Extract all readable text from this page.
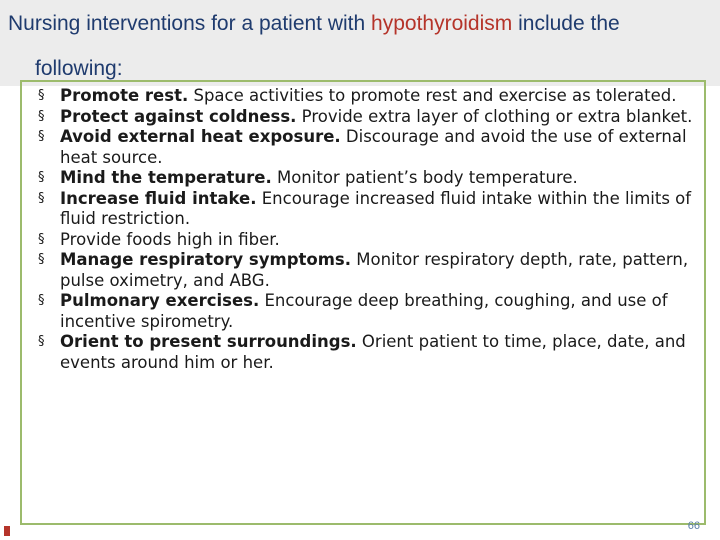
Nursing interventions for a patient with hypothyroidism include the
following:
§ Promote rest. Space activities to promote rest and exercise as tolerated.
§ Protect against coldness. Provide extra layer of clothing or extra blanket.
§ Avoid external heat exposure. Discourage and avoid the use of external heat source.
§ Mind the temperature. Monitor patient’s body temperature.
§ Increase fluid intake. Encourage increased fluid intake within the limits of fluid restriction.
§ Provide foods high in fiber.
§ Manage respiratory symptoms. Monitor respiratory depth, rate, pattern, pulse oximetry, and ABG.
§ Pulmonary exercises. Encourage deep breathing, coughing, and use of incentive spirometry.
§ Orient to present surroundings. Orient patient to time, place, date, and events around him or her.
66
